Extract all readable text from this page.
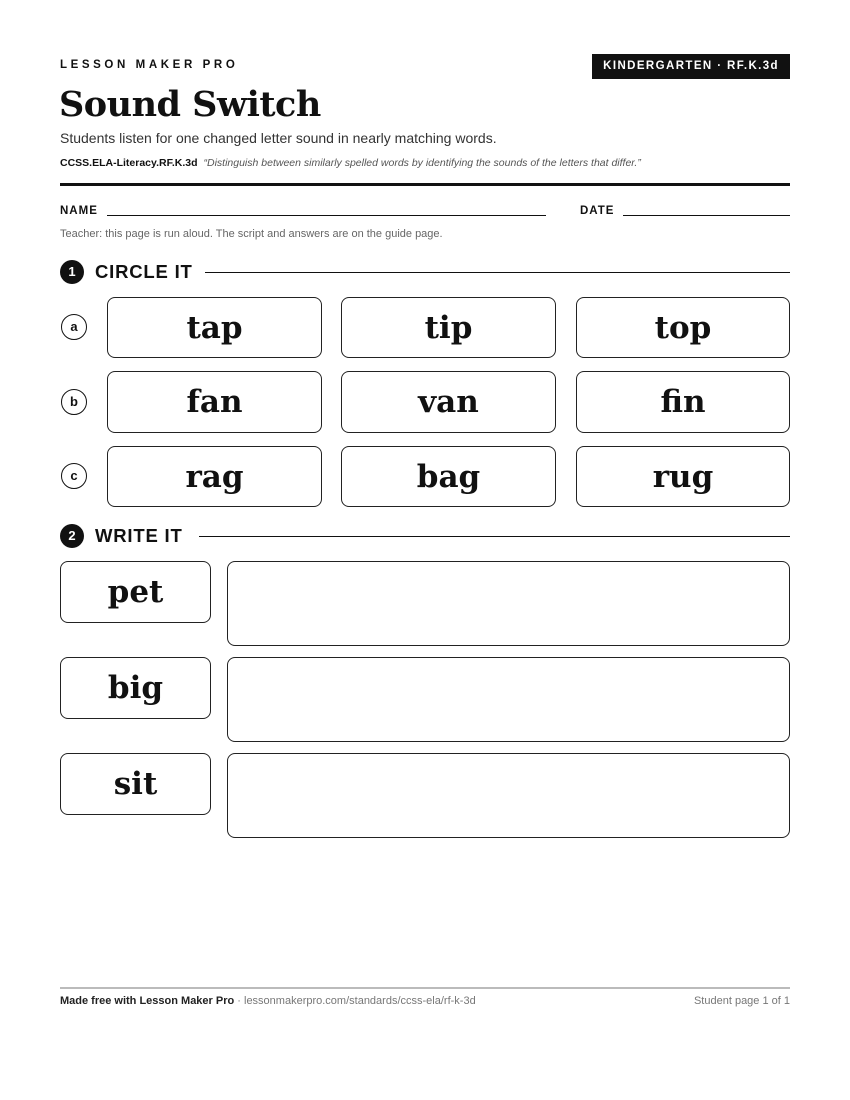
LESSON MAKER PRO	KINDERGARTEN · RF.K.3d
Sound Switch
Students listen for one changed letter sound in nearly matching words.
CCSS.ELA-Literacy.RF.K.3d “Distinguish between similarly spelled words by identifying the sounds of the letters that differ.”
NAME	DATE
Teacher: this page is run aloud. The script and answers are on the guide page.
1	CIRCLE IT
a	tap	tip	top
b	fan	van	fin
c	rag	bag	rug
2	WRITE IT
pet
big
sit
Made free with Lesson Maker Pro · lessonmakerpro.com/standards/ccss-ela/rf-k-3d	Student page 1 of 1
